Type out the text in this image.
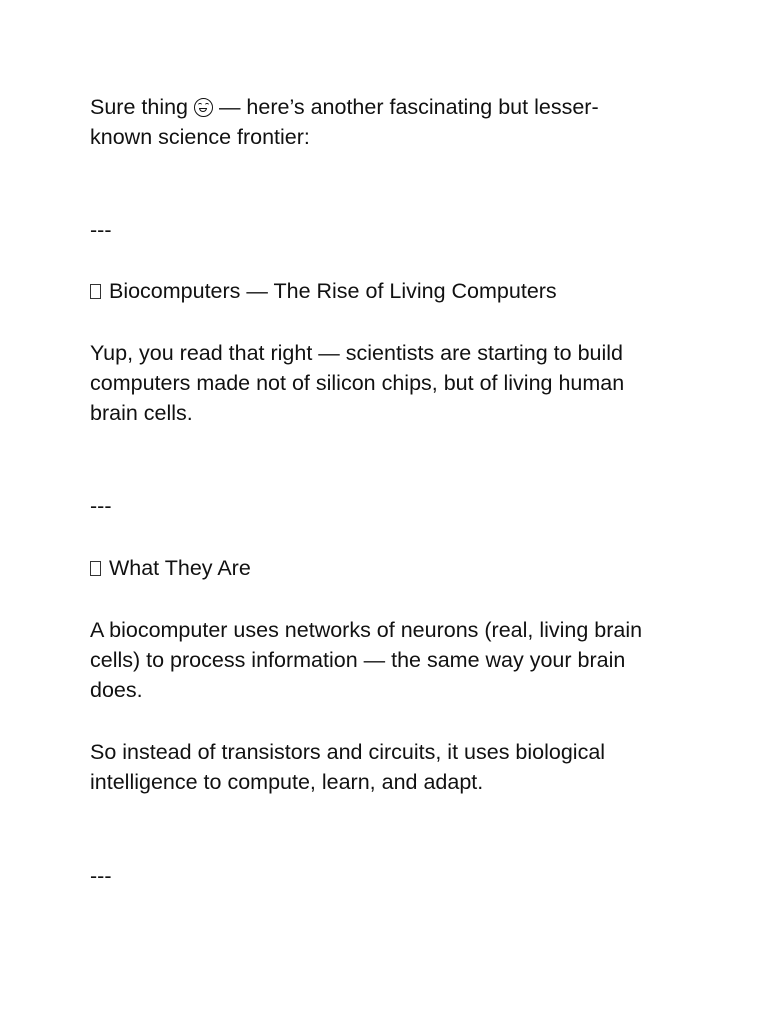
Sure thing
— here’s another fascinating but lesser-

known science frontier:

---

Biocomputers — The Rise of Living Computers

Yup, you read that right — scientists are starting to build

computers made not of silicon chips, but of living human

brain cells.

---

What They Are

A biocomputer uses networks of neurons (real, living brain

cells) to process information — the same way your brain

does.

So instead of transistors and circuits, it uses biological

intelligence to compute, learn, and adapt.

---
